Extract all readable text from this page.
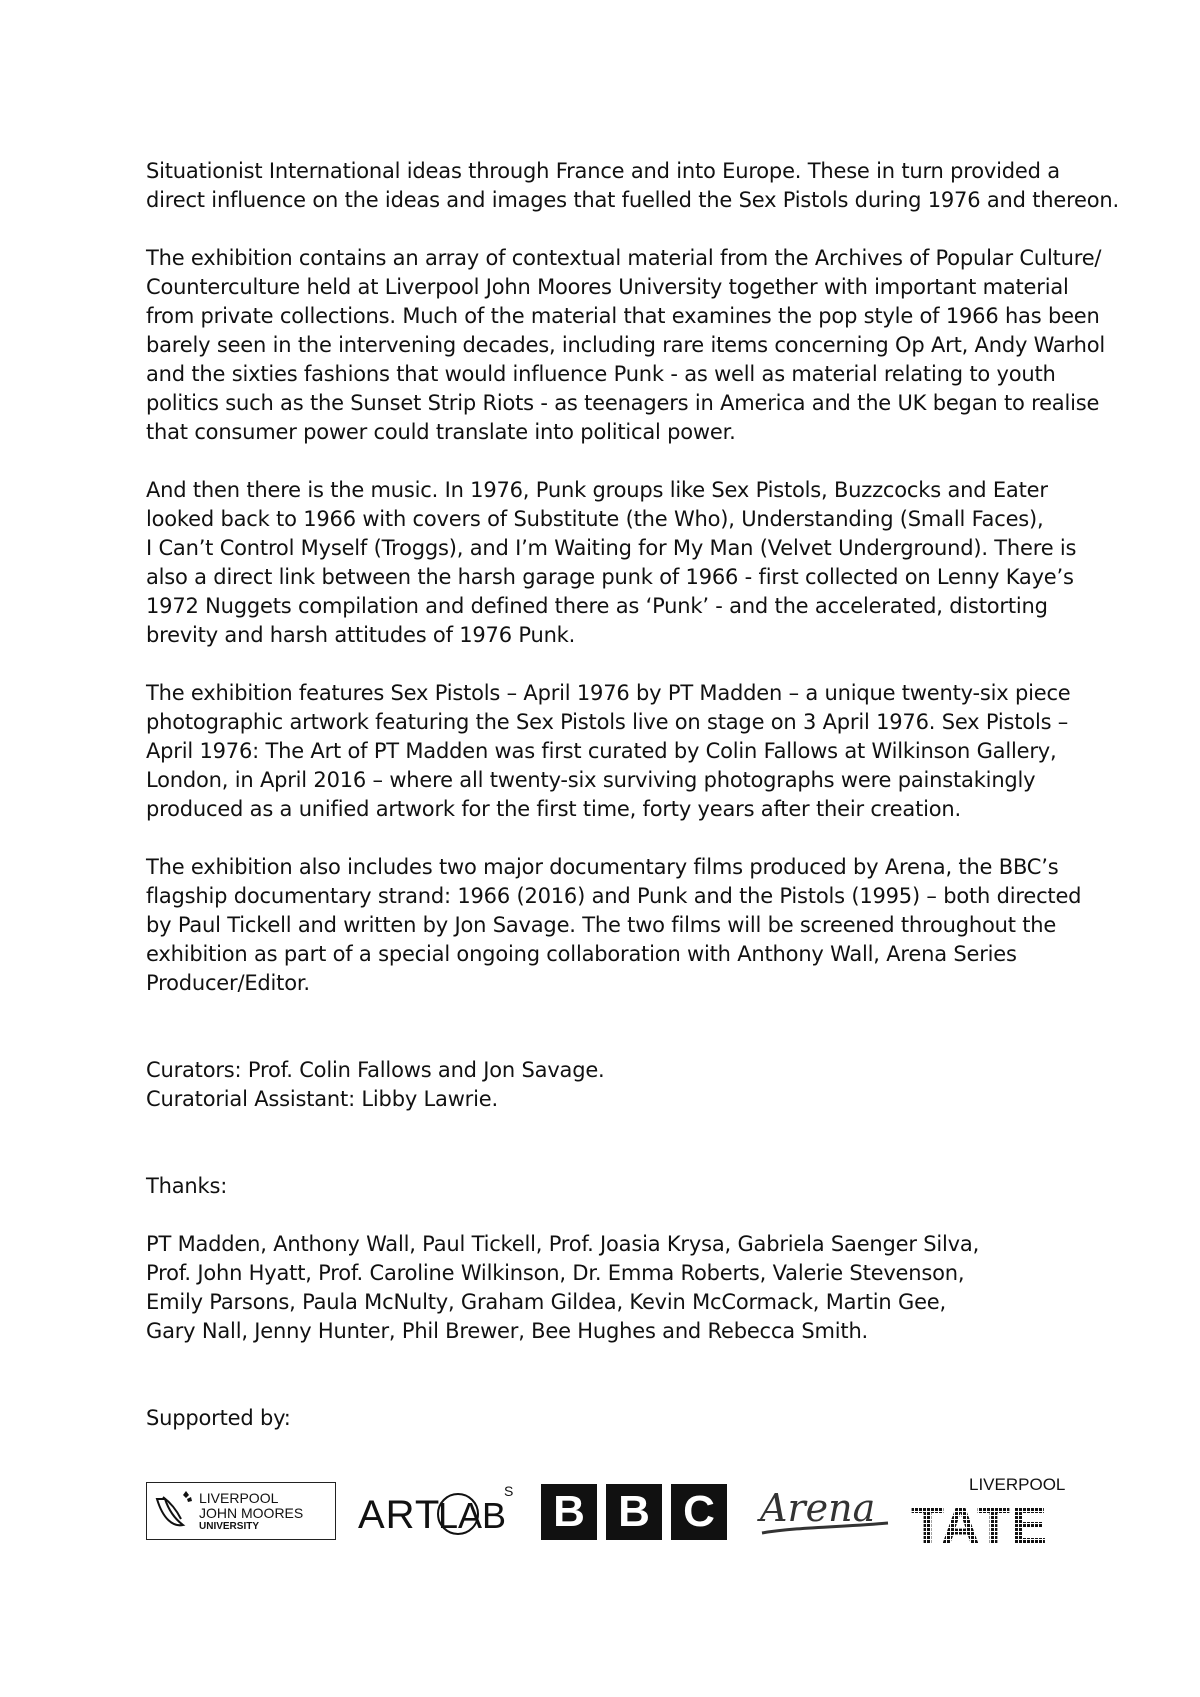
Situationist International ideas through France and into Europe. These in turn provided a
direct influence on the ideas and images that fuelled the Sex Pistols during 1976 and thereon.

The exhibition contains an array of contextual material from the Archives of Popular Culture/
Counterculture held at Liverpool John Moores University together with important material
from private collections. Much of the material that examines the pop style of 1966 has been
barely seen in the intervening decades, including rare items concerning Op Art, Andy Warhol
and the sixties fashions that would influence Punk - as well as material relating to youth
politics such as the Sunset Strip Riots - as teenagers in America and the UK began to realise
that consumer power could translate into political power.

And then there is the music. In 1976, Punk groups like Sex Pistols, Buzzcocks and Eater
looked back to 1966 with covers of Substitute (the Who), Understanding (Small Faces),
I Can’t Control Myself (Troggs), and I’m Waiting for My Man (Velvet Underground). There is
also a direct link between the harsh garage punk of 1966 - first collected on Lenny Kaye’s
1972 Nuggets compilation and defined there as ‘Punk’ - and the accelerated, distorting
brevity and harsh attitudes of 1976 Punk.

The exhibition features Sex Pistols – April 1976 by PT Madden – a unique twenty-six piece
photographic artwork featuring the Sex Pistols live on stage on 3 April 1976. Sex Pistols –
April 1976: The Art of PT Madden was first curated by Colin Fallows at Wilkinson Gallery,
London, in April 2016 – where all twenty-six surviving photographs were painstakingly
produced as a unified artwork for the first time, forty years after their creation.

The exhibition also includes two major documentary films produced by Arena, the BBC’s
flagship documentary strand: 1966 (2016) and Punk and the Pistols (1995) – both directed
by Paul Tickell and written by Jon Savage. The two films will be screened throughout the
exhibition as part of a special ongoing collaboration with Anthony Wall, Arena Series
Producer/Editor.

Curators: Prof. Colin Fallows and Jon Savage.
Curatorial Assistant: Libby Lawrie.

Thanks:

PT Madden, Anthony Wall, Paul Tickell, Prof. Joasia Krysa, Gabriela Saenger Silva,
Prof. John Hyatt, Prof. Caroline Wilkinson, Dr. Emma Roberts, Valerie Stevenson,
Emily Parsons, Paula McNulty, Graham Gildea, Kevin McCormack, Martin Gee,
Gary Nall, Jenny Hunter, Phil Brewer, Bee Hughes and Rebecca Smith.

Supported by:

LIVERPOOL
JOHN MOORES
UNIVERSITY	ART
LAB
S B B C	Arena
LIVERPOOL
TATE
